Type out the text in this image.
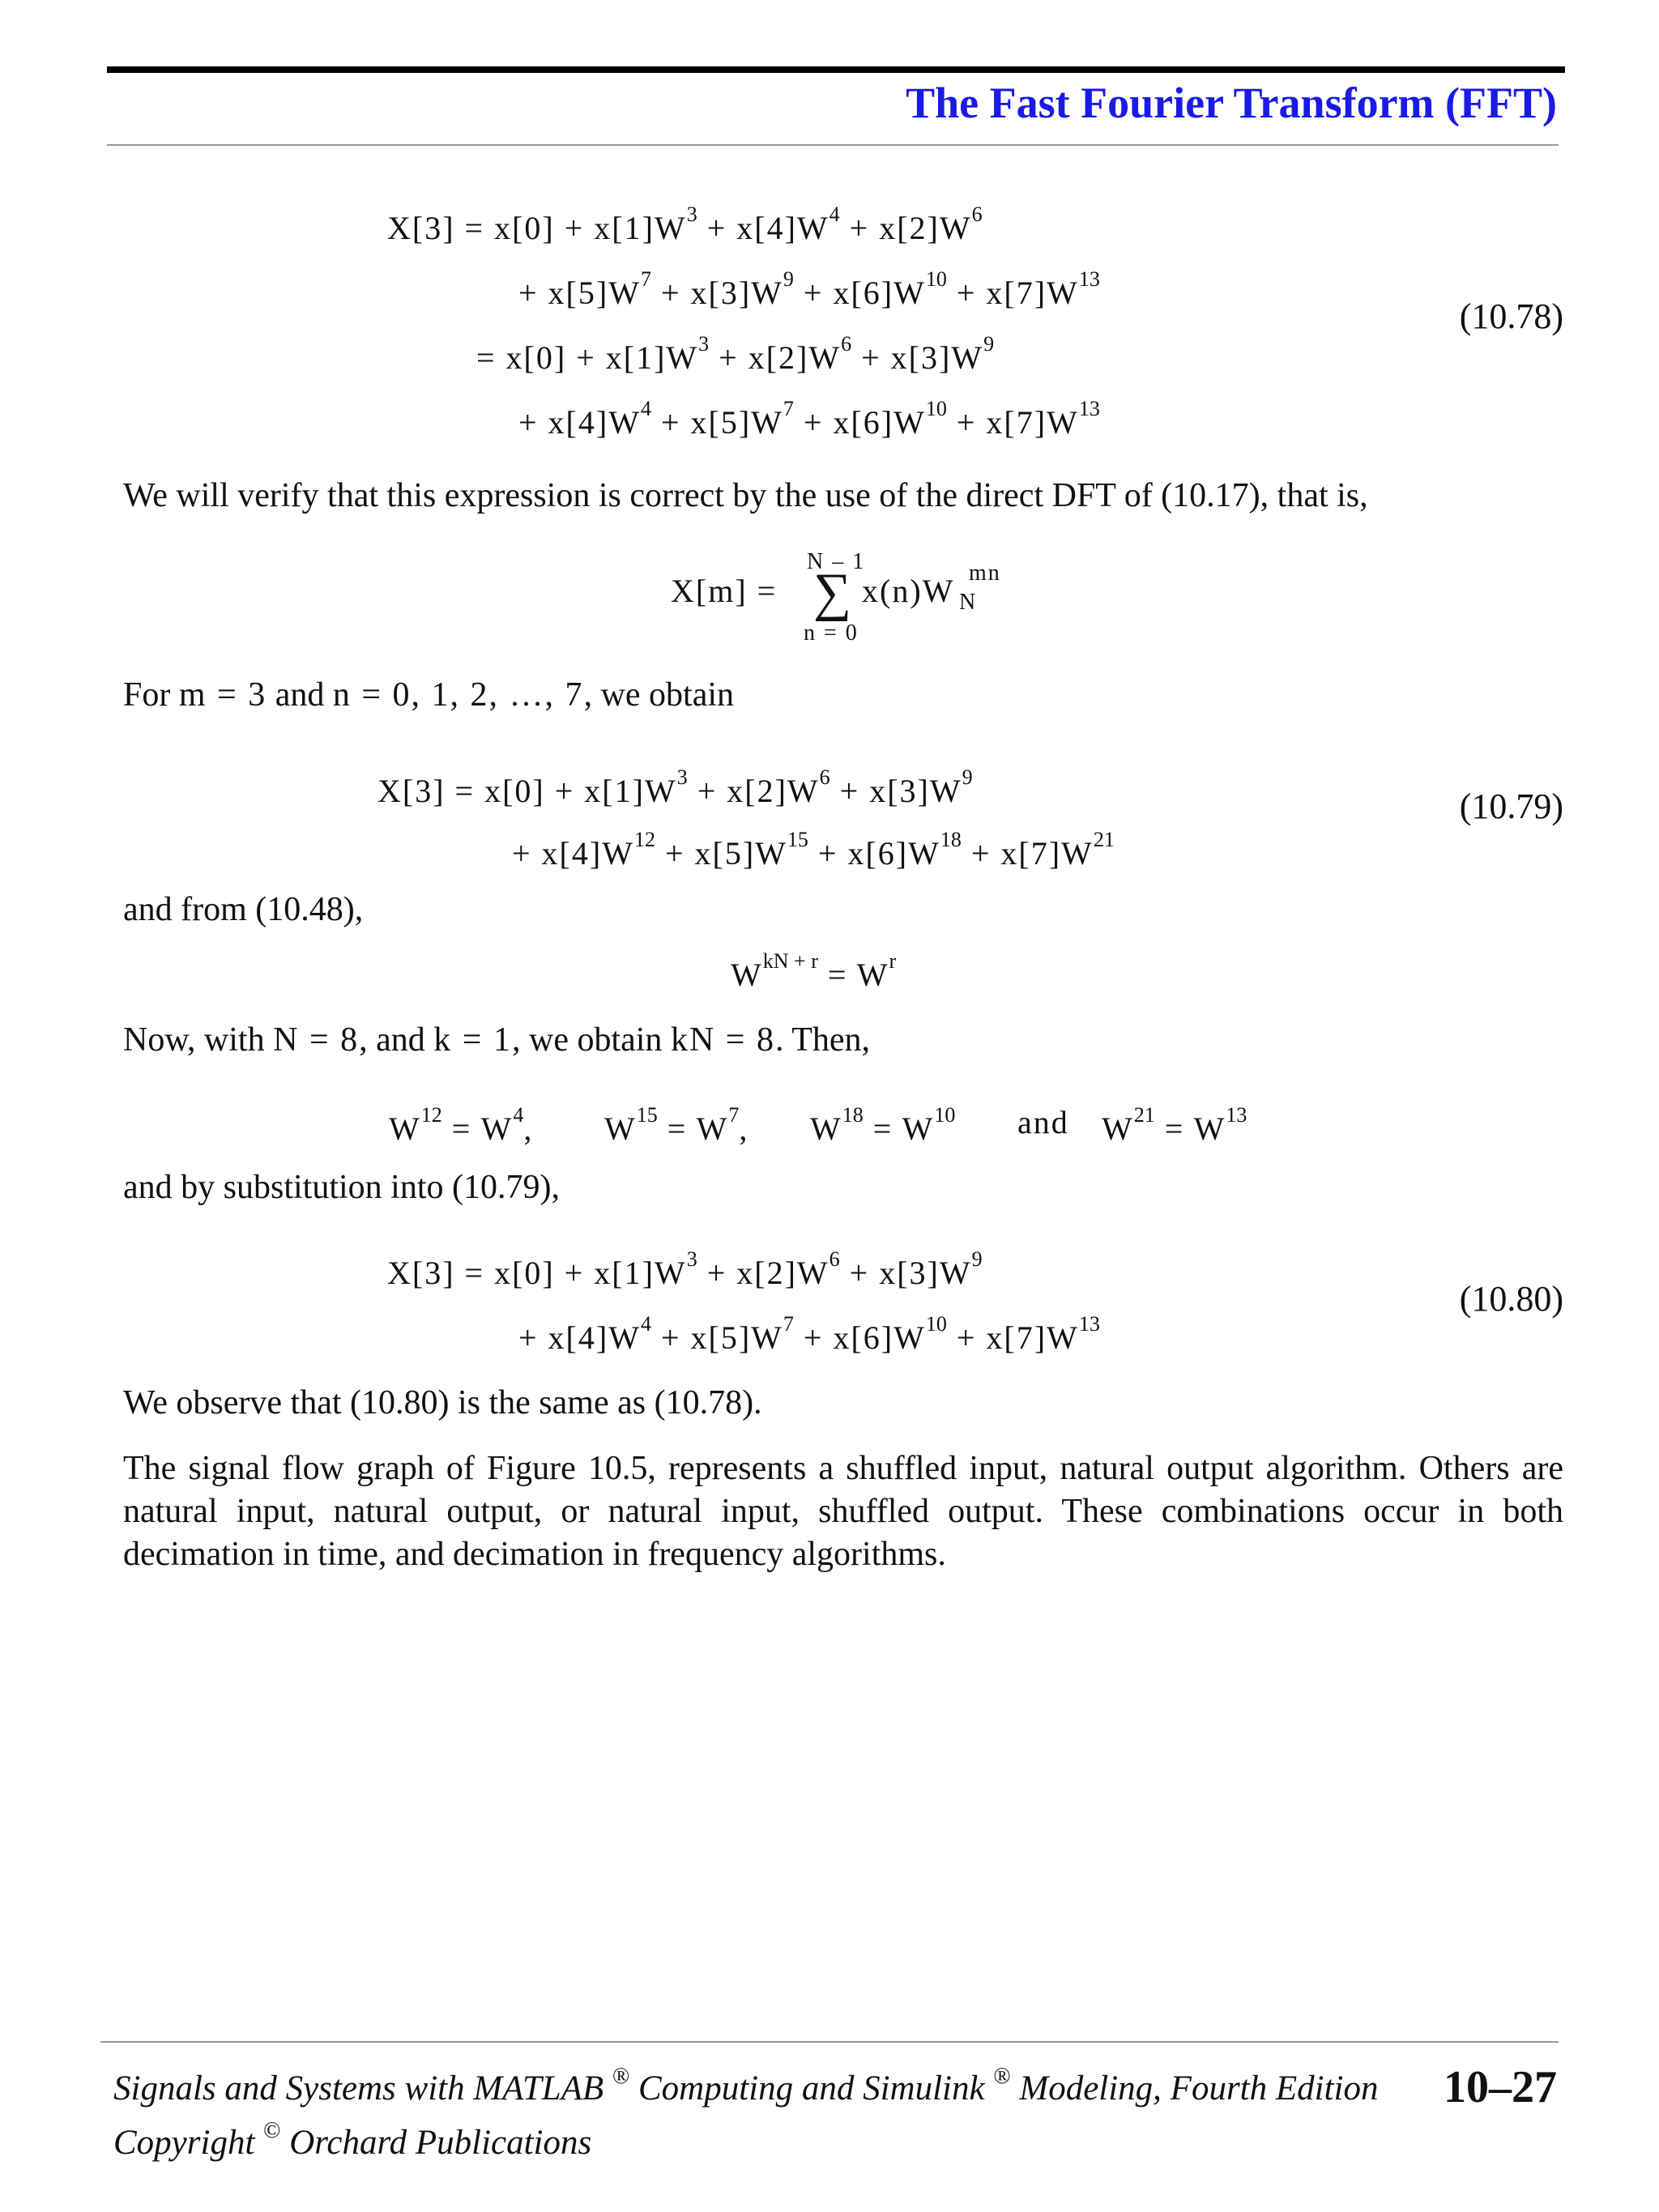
The Fast Fourier Transform (FFT)
$X[3] = x[0] + x[1]W^3 + x[4]W^4 + x[2]W^6$
+ $x[5]W^7 + x[3]W^9 + x[6]W^{10} + x[7]W^{13}$
= $x[0] + x[1]W^3 + x[2]W^6 + x[3]W^9$
+ $x[4]W^4 + x[5]W^7 + x[6]W^{10} + x[7]W^{13}$
(10.78)
We will verify that this expression is correct by the use of the direct DFT of (10.17), that is,
X[m] =
N – 1
∑
n = 0
x(n)W mn
N
For m = 3 and n = 0, 1, 2, …, 7, we obtain
$X[3] = x[0] + x[1]W^3 + x[2]W^6 + x[3]W^9$
+ $x[4]W^{12} + x[5]W^{15} + x[6]W^{18} + x[7]W^{21}$
(10.79)
and from (10.48),
$W^{kN + r} = W^r$
Now, with N = 8, and k = 1, we obtain kN = 8. Then,
$W^{12} = W^4$, $W^{15} = W^7$, $W^{18} = W^{10}$ and $W^{21} = W^{13}$
and by substitution into (10.79),
$X[3] = x[0] + x[1]W^3 + x[2]W^6 + x[3]W^9$
+ $x[4]W^4 + x[5]W^7 + x[6]W^{10} + x[7]W^{13}$
(10.80)
We observe that (10.80) is the same as (10.78).
The signal flow graph of Figure 10.5, represents a shuffled input, natural output algorithm. Others are natural input, natural output, or natural input, shuffled output. These combinations occur in both decimation in time, and decimation in frequency algorithms.
Signals and Systems with MATLAB ® Computing and Simulink ® Modeling, Fourth Edition 10–27
Copyright © Orchard Publications
